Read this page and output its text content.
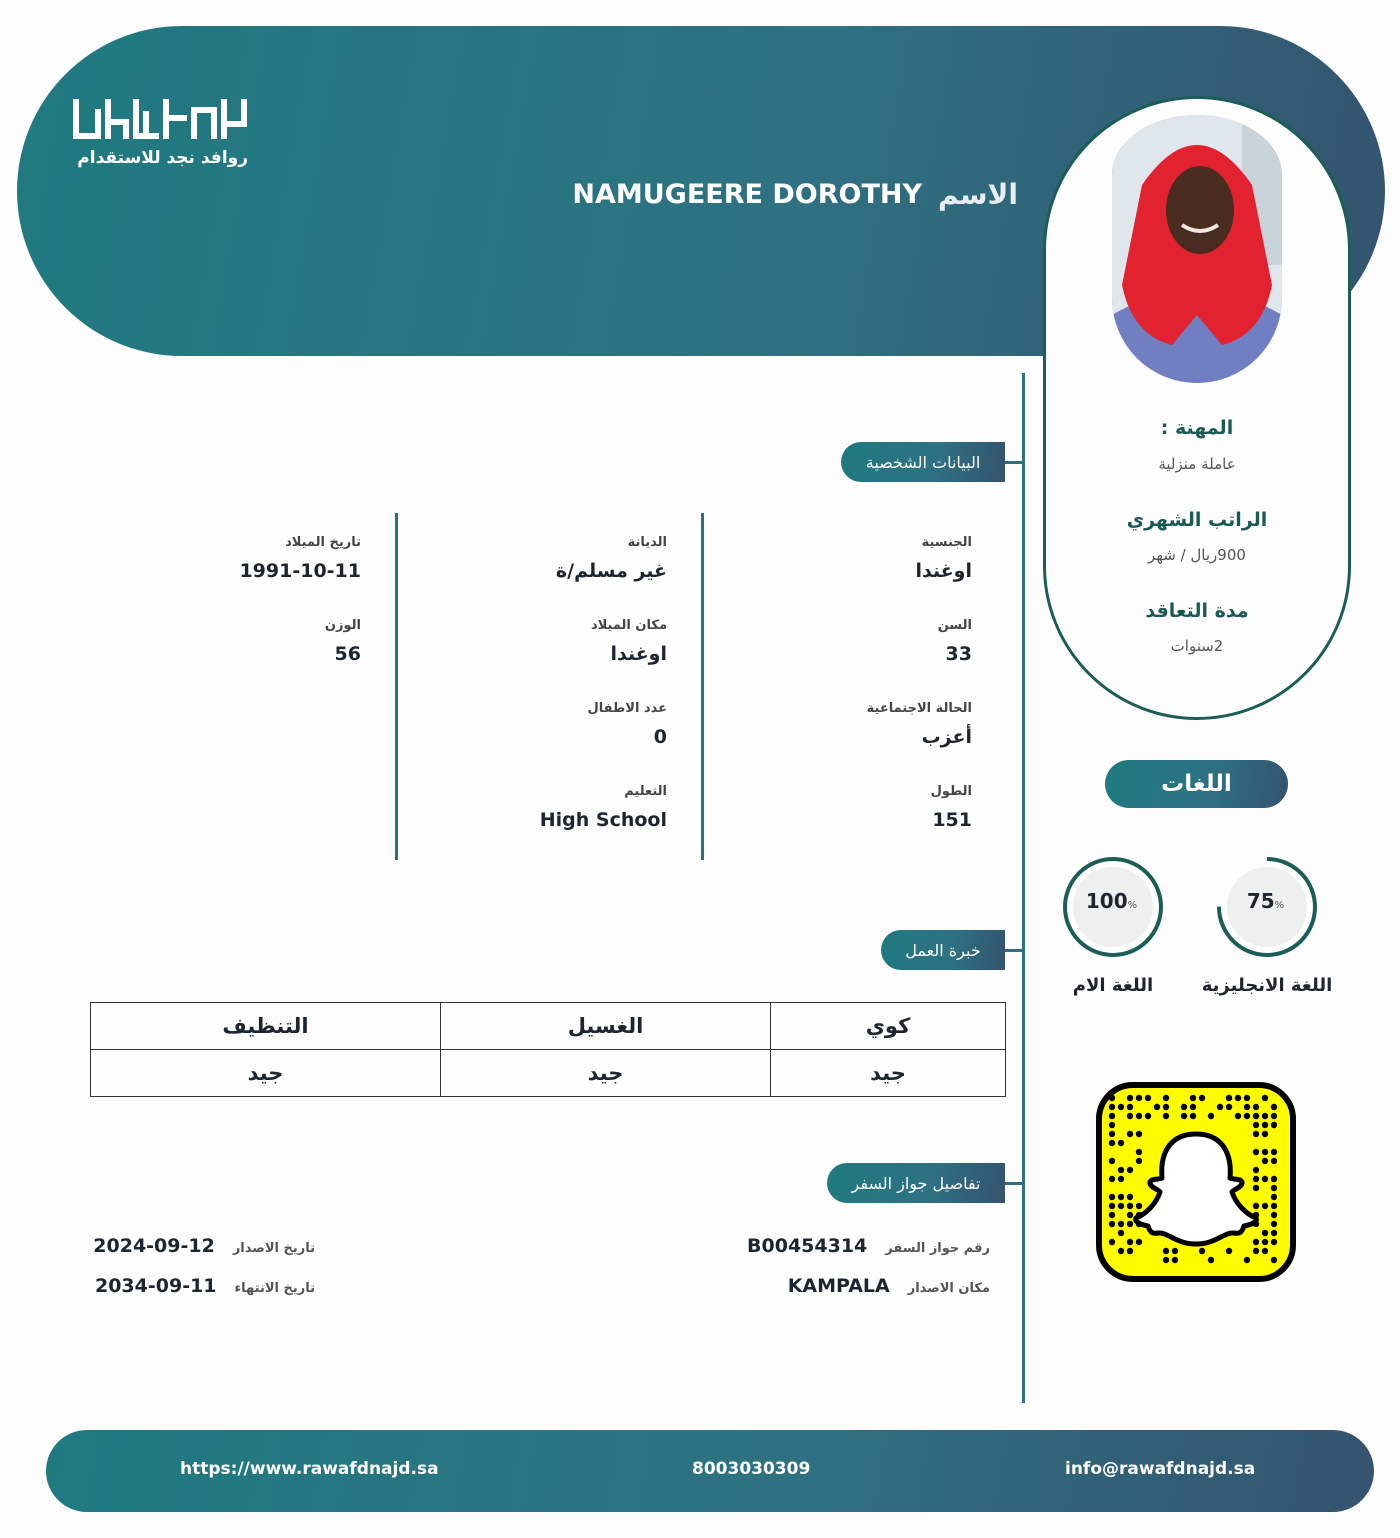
روافد نجد للاستقدام
الاسم
NAMUGEERE DOROTHY
المهنة :
عاملة منزلية
الراتب الشهري
900ريال / شهر
مدة التعاقد
2سنوات
البيانات الشخصية
الجنسية
اوغندا
السن
33
الحالة الاجتماعية
أعزب
الطول
151
الديانة
غير مسلم/ة
مكان الميلاد
اوغندا
عدد الاطفال
0
التعليم
High School
تاريخ الميلاد
1991-10-11
الوزن
56
اللغات
75%
اللغة الانجليزية
100%
اللغة الام
خبرة العمل
التنظيف	الغسيل	كوي
جيد	جيد	جيد
تفاصيل جواز السفر
رقم جواز السفر
B00454314
مكان الاصدار
KAMPALA
تاريخ الاصدار
2024-09-12
تاريخ الانتهاء
2034-09-11
https://www.rawafdnajd.sa	8003030309	info@rawafdnajd.sa
